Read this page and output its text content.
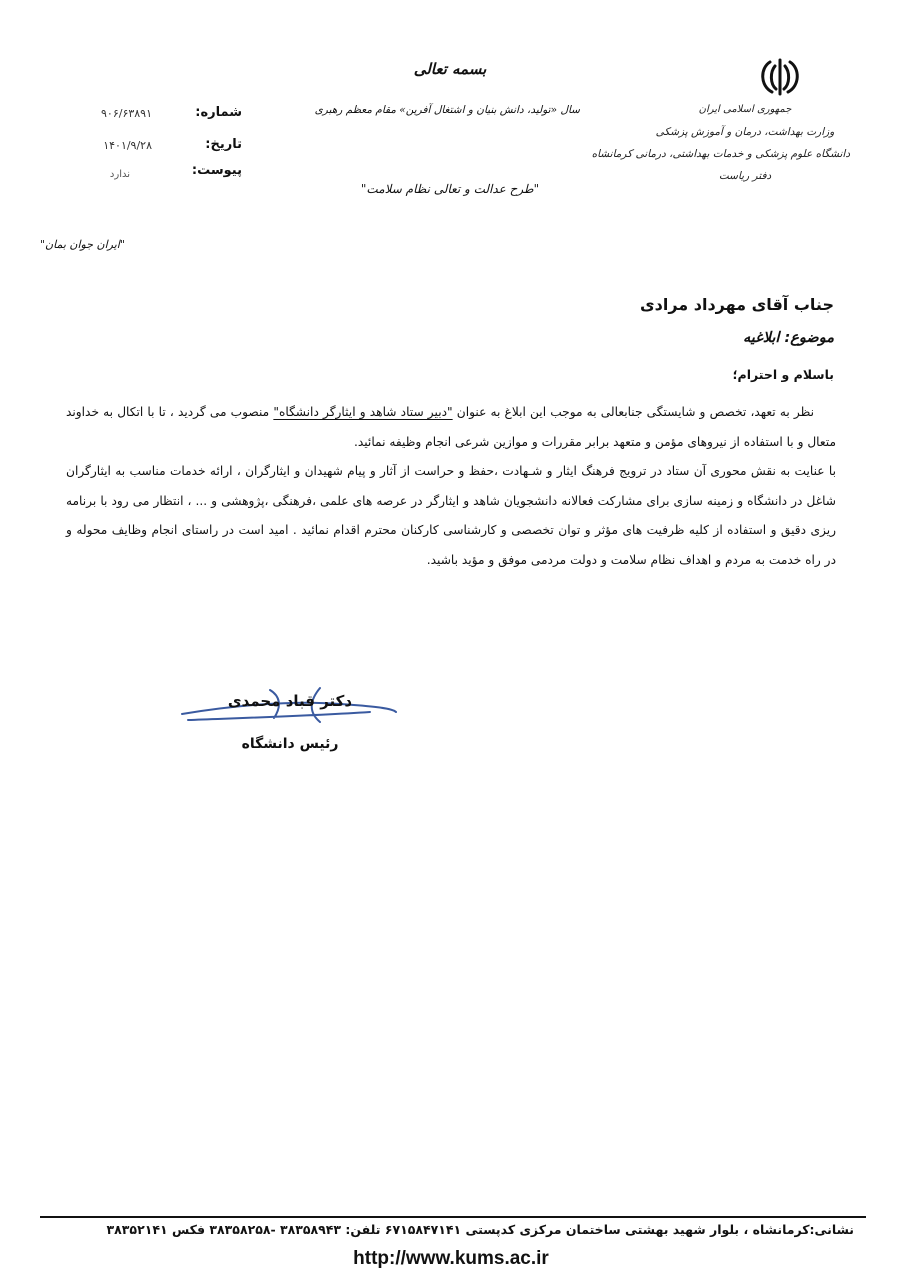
جمهوری اسلامی ایران
وزارت بهداشت، درمان و آموزش پزشکی
دانشگاه علوم پزشکی و خدمات بهداشتی، درمانی کرمانشاه
دفتر ریاست
بسمه تعالی
سال «تولید، دانش بنیان و اشتغال آفرین» مقام معظم رهبری
"طرح عدالت و تعالی نظام سلامت"
شماره:
۹۰۶/۶۳۸۹۱
تاریخ:
۱۴۰۱/۹/۲۸
پیوست:
ندارد
"ایران جوان بمان"
جناب آقای مهرداد مرادی
موضوع: ابلاغیه
باسلام و احترام؛

نظر به تعهد، تخصص و شایستگی جنابعالی به موجب این ابلاغ به عنوان "دبیر ستاد شاهد و ایثارگر دانشگاه" منصوب می گردید ، تا با اتکال به خداوند متعال و با استفاده از نیروهای مؤمن و متعهد برابر مقررات و موازین شرعی انجام وظیفه نمائید.

با عنایت به نقش محوری آن ستاد در ترویج فرهنگ ایثار و شـهادت ،حفظ و حراست از آثار و پیام شهیدان و ایثارگران ، ارائه خدمات مناسب به ایثارگران شاغل در دانشگاه و زمینه سازی برای مشارکت فعالانه دانشجویان شاهد و ایثارگر در عرصه های علمی ،فرهنگی ،پژوهشی و ... ، انتظار می رود با برنامه ریزی دقیق و استفاده از کلیه ظرفیت های مؤثر و توان تخصصی و کارشناسی کارکنان محترم اقدام نمائید . امید است در راستای انجام وظایف محوله و در راه خدمت به مردم و اهداف نظام سلامت و دولت مردمی موفق و مؤید باشید.

دکتر قباد محمدی
رئیس دانشگاه
نشانی:کرمانشاه ، بلوار شهید بهشتی ساختمان مرکزی کدپستی ۶۷۱۵۸۴۷۱۴۱ تلفن: ۳۸۳۵۸۹۴۳ -۳۸۳۵۸۲۵۸ فکس ۳۸۳۵۲۱۴۱
http://www.kums.ac.ir
